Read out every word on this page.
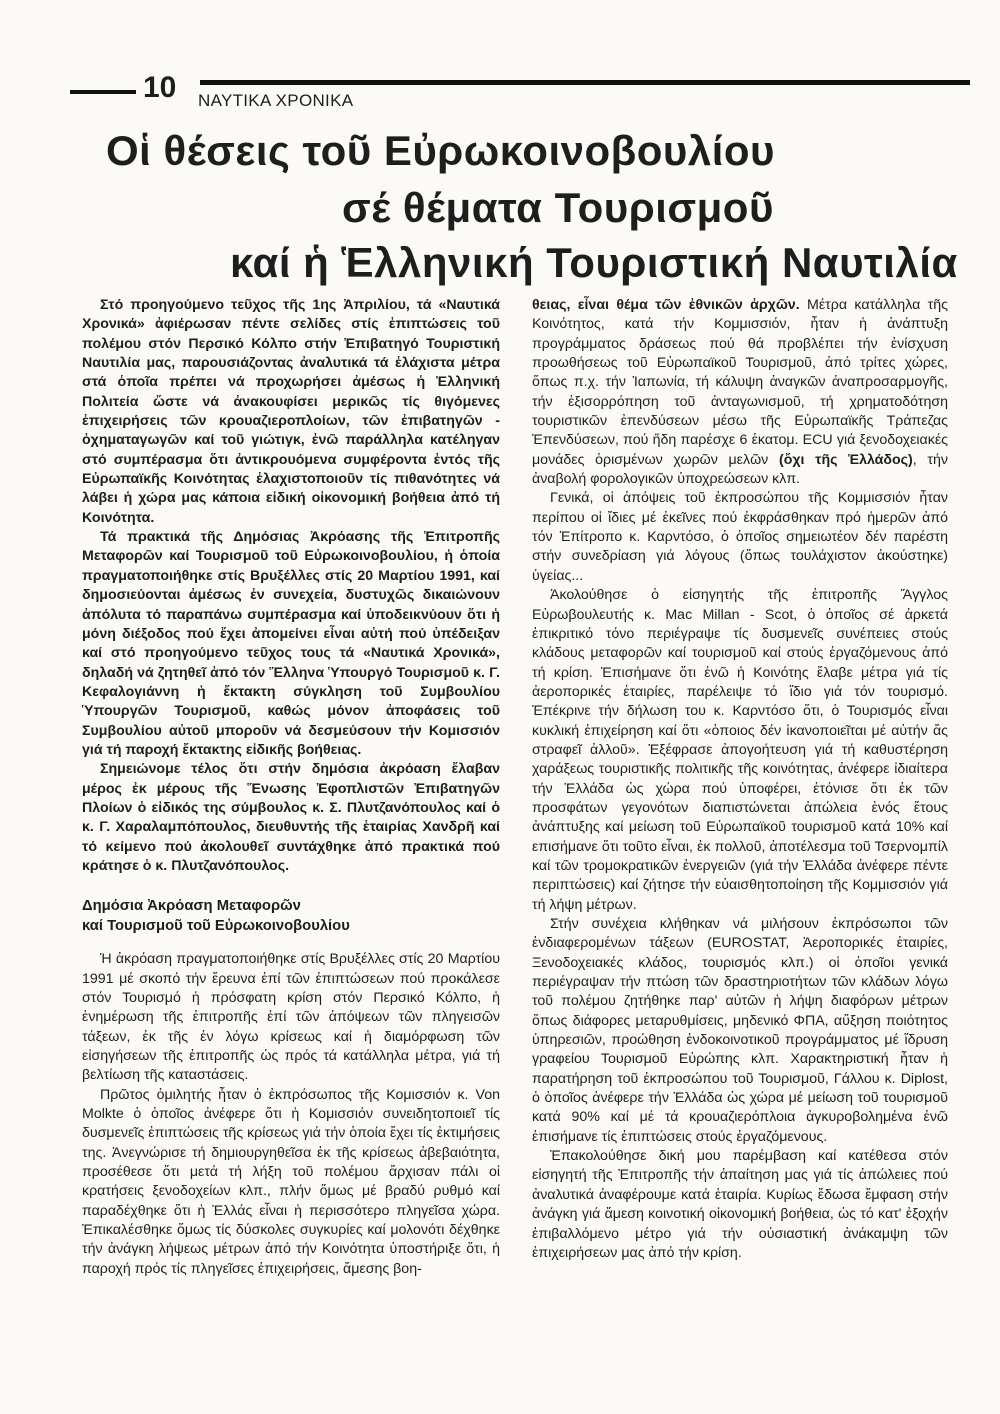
10 ΝΑΥΤΙΚΑ ΧΡΟΝΙΚΑ
Οἱ θέσεις τοῦ Εὐρωκοινοβουλίου
σέ θέματα Τουρισμοῦ
καί ἡ Ἑλληνική Τουριστική Ναυτιλία

Στό προηγούμενο τεῦχος τῆς 1ης Ἀπριλίου, τά «Ναυτικά Χρονικά» ἀφιέρωσαν πέντε σελίδες στίς ἐπιπτώσεις τοῦ πολέμου στόν Περσικό Κόλπο στήν Ἐπιβατηγό Τουριστική Ναυτιλία μας, παρουσιάζοντας ἀναλυτικά τά ἐλάχιστα μέτρα στά ὁποῖα πρέπει νά προχωρήσει ἀμέσως ἡ Ἑλληνική Πολιτεία ὥστε νά ἀνακουφίσει μερικῶς τίς θιγόμενες ἐπιχειρήσεις τῶν κρουαζιεροπλοίων, τῶν ἐπιβατηγῶν - ὀχηματαγωγῶν καί τοῦ γιώτιγκ, ἐνῶ παράλληλα κατέληγαν στό συμπέρασμα ὅτι ἀντικρουόμενα συμφέροντα ἐντός τῆς Εὐρωπαϊκῆς Κοινότητας ἐλαχιστοποιοῦν τίς πιθανότητες νά λάβει ἡ χώρα μας κάποια εἰδική οἰκονομική βοήθεια ἀπό τή Κοινότητα.

Τά πρακτικά τῆς Δημόσιας Ἀκρόασης τῆς Ἐπιτροπῆς Μεταφορῶν καί Τουρισμοῦ τοῦ Εὐρωκοινοβουλίου, ἡ ὁποία πραγματοποιήθηκε στίς Βρυξέλλες στίς 20 Μαρτίου 1991, καί δημοσιεύονται ἀμέσως ἐν συνεχεία, δυστυχῶς δικαιώνουν ἀπόλυτα τό παραπάνω συμπέρασμα καί ὑποδεικνύουν ὅτι ἡ μόνη διέξοδος πού ἔχει ἀπομείνει εἶναι αὐτή πού ὑπέδειξαν καί στό προηγούμενο τεῦχος τους τά «Ναυτικά Χρονικά», δηλαδή νά ζητηθεῖ ἀπό τόν Ἕλληνα Ὑπουργό Τουρισμοῦ κ. Γ. Κεφαλογιάννη ἡ ἔκτακτη σύγκληση τοῦ Συμβουλίου Ὑπουργῶν Τουρισμοῦ, καθώς μόνον ἀποφάσεις τοῦ Συμβουλίου αὐτοῦ μποροῦν νά δεσμεύσουν τήν Κομισσιόν γιά τή παροχή ἔκτακτης εἰδικῆς βοήθειας.

Σημειώνομε τέλος ὅτι στήν δημόσια ἀκρόαση ἔλαβαν μέρος ἐκ μέρους τῆς Ἕνωσης Ἐφοπλιστῶν Ἐπιβατηγῶν Πλοίων ὁ εἰδικός της σύμβουλος κ. Σ. Πλυτζανόπουλος καί ὁ κ. Γ. Χαραλαμπόπουλος, διευθυντής τῆς ἑταιρίας Χανδρῆ καί τό κείμενο πού ἀκολουθεῖ συντάχθηκε ἀπό πρακτικά πού κράτησε ὁ κ. Πλυτζανόπουλος.

Δημόσια Ἀκρόαση Μεταφορῶν
καί Τουρισμοῦ τοῦ Εὐρωκοινοβουλίου

Ἡ ἀκρόαση πραγματοποιήθηκε στίς Βρυξέλλες στίς 20 Μαρτίου 1991 μέ σκοπό τήν ἔρευνα ἐπί τῶν ἐπιπτώσεων πού προκάλεσε στόν Τουρισμό ἡ πρόσφατη κρίση στόν Περσικό Κόλπο, ἡ ἐνημέρωση τῆς ἐπιτροπῆς ἐπί τῶν ἀπόψεων τῶν πληγεισῶν τάξεων, ἐκ τῆς ἐν λόγω κρίσεως καί ἡ διαμόρφωση τῶν εἰσηγήσεων τῆς ἐπιτροπῆς ὡς πρός τά κατάλληλα μέτρα, γιά τή βελτίωση τῆς καταστάσεις.

Πρῶτος ὁμιλητής ἦταν ὁ ἐκπρόσωπος τῆς Κομισσιόν κ. Von Molkte ὁ ὁποῖος ἀνέφερε ὅτι ἡ Κομισσιόν συνειδητοποιεῖ τίς δυσμενεῖς ἐπιπτώσεις τῆς κρίσεως γιά τήν ὁποία ἔχει τίς ἐκτιμήσεις της. Ἀνεγνώρισε τή δημιουργηθεῖσα ἐκ τῆς κρίσεως ἀβεβαιότητα, προσέθεσε ὅτι μετά τή λήξη τοῦ πολέμου ἄρχισαν πάλι οἱ κρατήσεις ξενοδοχείων κλπ., πλήν ὅμως μέ βραδύ ρυθμό καί παραδέχθηκε ὅτι ἡ Ἑλλάς εἶναι ἡ περισσότερο πληγεῖσα χώρα. Ἐπικαλέσθηκε ὅμως τίς δύσκολες συγκυρίες καί μολονότι δέχθηκε τήν ἀνάγκη λήψεως μέτρων ἀπό τήν Κοινότητα ὑποστήριξε ὅτι, ἡ παροχή πρός τίς πληγεῖσες ἐπιχειρήσεις, ἄμεσης βοη-

θειας, εἶναι θέμα τῶν ἐθνικῶν ἀρχῶν. Μέτρα κατάλληλα τῆς Κοινότητος, κατά τήν Κομμισσιόν, ἦταν ἡ ἀνάπτυξη προγράμματος δράσεως πού θά προβλέπει τήν ἐνίσχυση προωθήσεως τοῦ Εὐρωπαϊκοῦ Τουρισμοῦ, ἀπό τρίτες χώρες, ὅπως π.χ. τήν Ἰαπωνία, τή κάλυψη ἀναγκῶν ἀναπροσαρμογῆς, τήν ἐξισορρόπηση τοῦ ἀνταγωνισμοῦ, τή χρηματοδότηση τουριστικῶν ἐπενδύσεων μέσω τῆς Εὐρωπαϊκῆς Τράπεζας Ἐπενδύσεων, πού ἤδη παρέσχε 6 ἑκατομ. ECU γιά ξενοδοχειακές μονάδες ὁρισμένων χωρῶν μελῶν (ὄχι τῆς Ἑλλάδος), τήν ἀναβολή φορολογικῶν ὑποχρεώσεων κλπ.

Γενικά, οἱ ἀπόψεις τοῦ ἐκπροσώπου τῆς Κομμισσιόν ἦταν περίπου οἱ ἴδιες μέ ἐκεῖνες πού ἐκφράσθηκαν πρό ἡμερῶν ἀπό τόν Ἐπίτροπο κ. Καρντόσο, ὁ ὁποῖος σημειωτέον δέν παρέστη στήν συνεδρίαση γιά λόγους (ὅπως τουλάχιστον ἀκούστηκε) ὑγείας...

Ἀκολούθησε ὁ εἰσηγητής τῆς ἐπιτροπῆς Ἄγγλος Εὐρωβουλευτής κ. Mac Millan - Scot, ὁ ὁποῖος σέ ἀρκετά ἐπικριτικό τόνο περιέγραψε τίς δυσμενεῖς συνέπειες στούς κλάδους μεταφορῶν καί τουρισμοῦ καί στούς ἐργαζόμενους ἀπό τή κρίση. Ἐπισήμανε ὅτι ἐνῶ ἡ Κοινότης ἔλαβε μέτρα γιά τίς ἀεροπορικές ἑταιρίες, παρέλειψε τό ἴδιο γιά τόν τουρισμό. Ἐπέκρινε τήν δήλωση του κ. Καρντόσο ὅτι, ὁ Τουρισμός εἶναι κυκλική ἐπιχείρηση καί ὅτι «ὁποιος δέν ἱκανοποιεῖται μέ αὐτήν ἄς στραφεῖ ἀλλοῦ». Ἐξέφρασε ἀπογοήτευση γιά τή καθυστέρηση χαράξεως τουριστικῆς πολιτικῆς τῆς κοινότητας, ἀνέφερε ἰδιαίτερα τήν Ἑλλάδα ὡς χώρα πού ὑποφέρει, ἐτόνισε ὅτι ἐκ τῶν προσφάτων γεγονότων διαπιστώνεται ἀπώλεια ἑνός ἔτους ἀνάπτυξης καί μείωση τοῦ Εὐρωπαϊκοῦ τουρισμοῦ κατά 10% καί επισήμανε ὅτι τοῦτο εἶναι, ἐκ πολλοῦ, ἀποτέλεσμα τοῦ Τσερνομπίλ καί τῶν τρομοκρατικῶν ἐνεργειῶν (γιά τήν Ἑλλάδα ἀνέφερε πέντε περιπτώσεις) καί ζήτησε τήν εὐαισθητοποίηση τῆς Κομμισσιόν γιά τή λήψη μέτρων.

Στήν συνέχεια κλήθηκαν νά μιλήσουν ἐκπρόσωποι τῶν ἐνδιαφερομένων τάξεων (EUROSTAT, Ἀεροπορικές ἑταιρίες, Ξενοδοχειακές κλάδος, τουρισμός κλπ.) οἱ ὁποῖοι γενικά περιέγραψαν τήν πτώση τῶν δραστηριοτήτων τῶν κλάδων λόγω τοῦ πολέμου ζητήθηκε παρ' αὐτῶν ἡ λήψη διαφόρων μέτρων ὅπως διάφορες μεταρυθμίσεις, μηδενικό ΦΠΑ, αὔξηση ποιότητος ὑπηρεσιῶν, προώθηση ἐνδοκοινοτικοῦ προγράμματος μέ ἵδρυση γραφείου Τουρισμοῦ Εὐρώπης κλπ. Χαρακτηριστική ἦταν ἡ παρατήρηση τοῦ ἐκπροσώπου τοῦ Τουρισμοῦ, Γάλλου κ. Diplost, ὁ ὁποῖος ἀνέφερε τήν Ἑλλάδα ὡς χώρα μέ μείωση τοῦ τουρισμοῦ κατά 90% καί μέ τά κρουαζιερόπλοια ἀγκυροβολημένα ἐνῶ ἐπισήμανε τίς ἐπιπτώσεις στούς ἐργαζόμενους.

Ἐπακολούθησε δική μου παρέμβαση καί κατέθεσα στόν εἰσηγητή τῆς Ἐπιτροπῆς τήν ἀπαίτηση μας γιά τίς ἀπώλειες πού ἀναλυτικά ἀναφέρουμε κατά ἑταιρία. Κυρίως ἔδωσα ἔμφαση στήν ἀνάγκη γιά ἄμεση κοινοτική οἰκονομική βοήθεια, ὡς τό κατ' ἐξοχήν ἐπιβαλλόμενο μέτρο γιά τήν οὐσιαστική ἀνάκαμψη τῶν ἐπιχειρήσεων μας ἀπό τήν κρίση.
